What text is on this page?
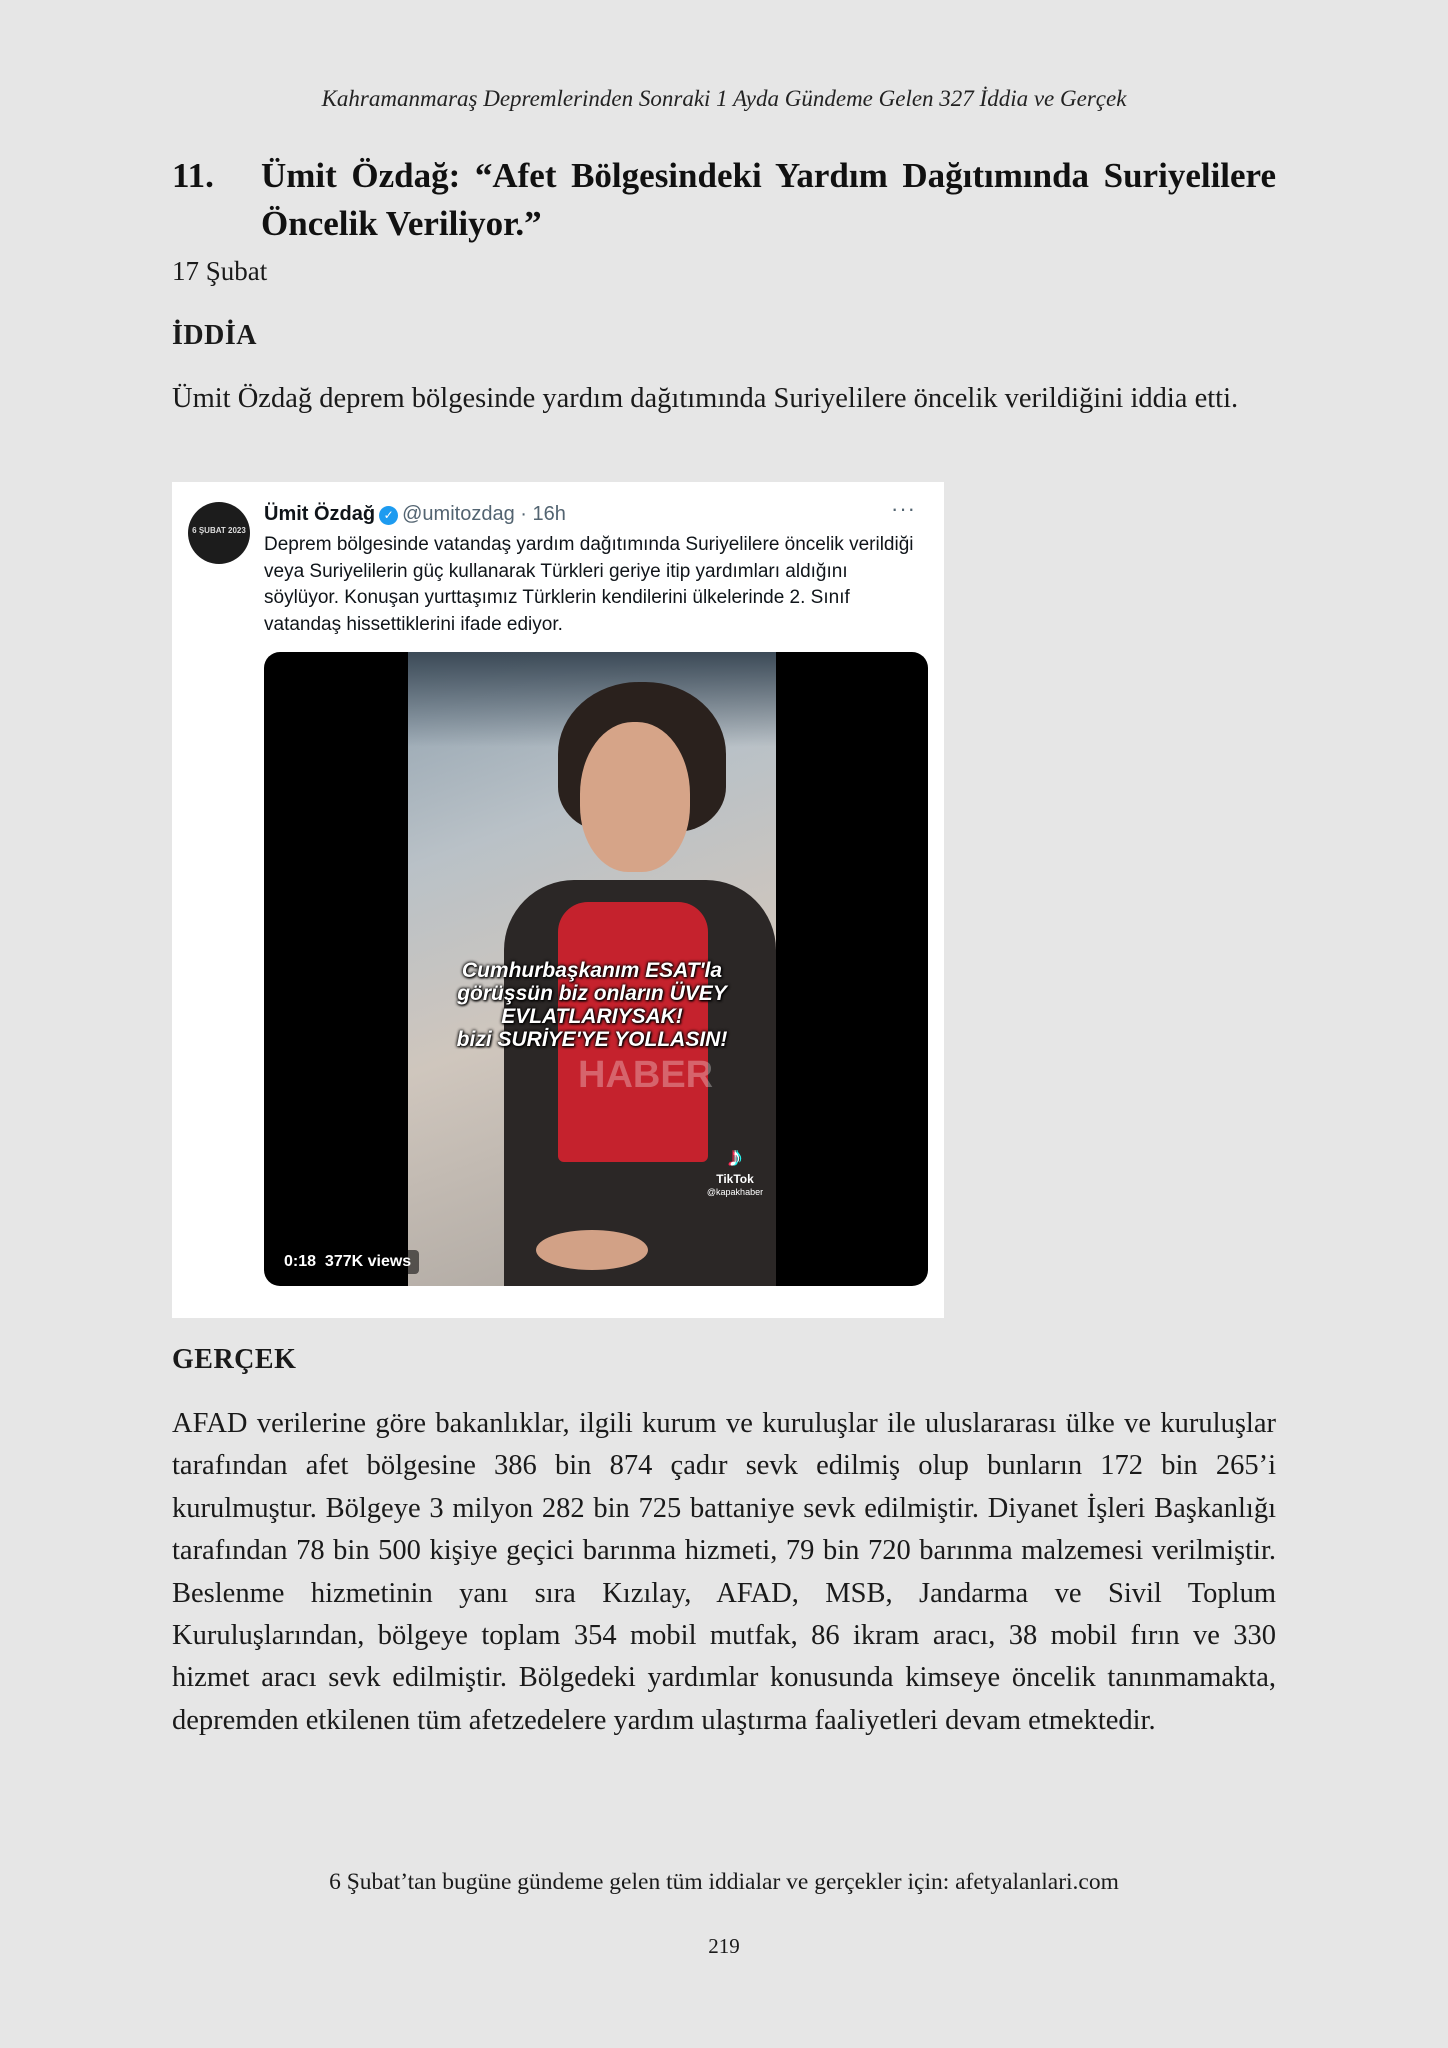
Kahramanmaraş Depremlerinden Sonraki 1 Ayda Gündeme Gelen 327 İddia ve Gerçek
11. Ümit Özdağ: “Afet Bölgesindeki Yardım Dağıtımında Suriyelilere Öncelik Veriliyor.”
17 Şubat
İDDİA
Ümit Özdağ deprem bölgesinde yardım dağıtımında Suriyelilere öncelik verildiğini iddia etti.
6 ŞUBAT 2023
Ümit Özdağ ✓ @umitozdag · 16h	···
Deprem bölgesinde vatandaş yardım dağıtımında Suriyelilere öncelik verildiği veya Suriyelilerin güç kullanarak Türkleri geriye itip yardımları aldığını söylüyor. Konuşan yurttaşımız Türklerin kendilerini ülkelerinde 2. Sınıf vatandaş hissettiklerini ifade ediyor.
HABER
Cumhurbaşkanım ESAT'la
görüşsün biz onların ÜVEY
EVLATLARIYSAK!
bizi SURİYE'YE YOLLASIN!
♪
TikTok
@kapakhaber
0:18 377K views
GERÇEK
AFAD verilerine göre bakanlıklar, ilgili kurum ve kuruluşlar ile uluslararası ülke ve kuruluşlar tarafından afet bölgesine 386 bin 874 çadır sevk edilmiş olup bunların 172 bin 265’i kurulmuştur. Bölgeye 3 milyon 282 bin 725 battaniye sevk edilmiştir. Diyanet İşleri Başkanlığı tarafından 78 bin 500 kişiye geçici barınma hizmeti, 79 bin 720 barınma malzemesi verilmiştir. Beslenme hizmetinin yanı sıra Kızılay, AFAD, MSB, Jandarma ve Sivil Toplum Kuruluşlarından, bölgeye toplam 354 mobil mutfak, 86 ikram aracı, 38 mobil fırın ve 330 hizmet aracı sevk edilmiştir. Bölgedeki yardımlar konusunda kimseye öncelik tanınmamakta, depremden etkilenen tüm afetzedelere yardım ulaştırma faaliyetleri devam etmektedir.
6 Şubat’tan bugüne gündeme gelen tüm iddialar ve gerçekler için: afetyalanlari.com
219
